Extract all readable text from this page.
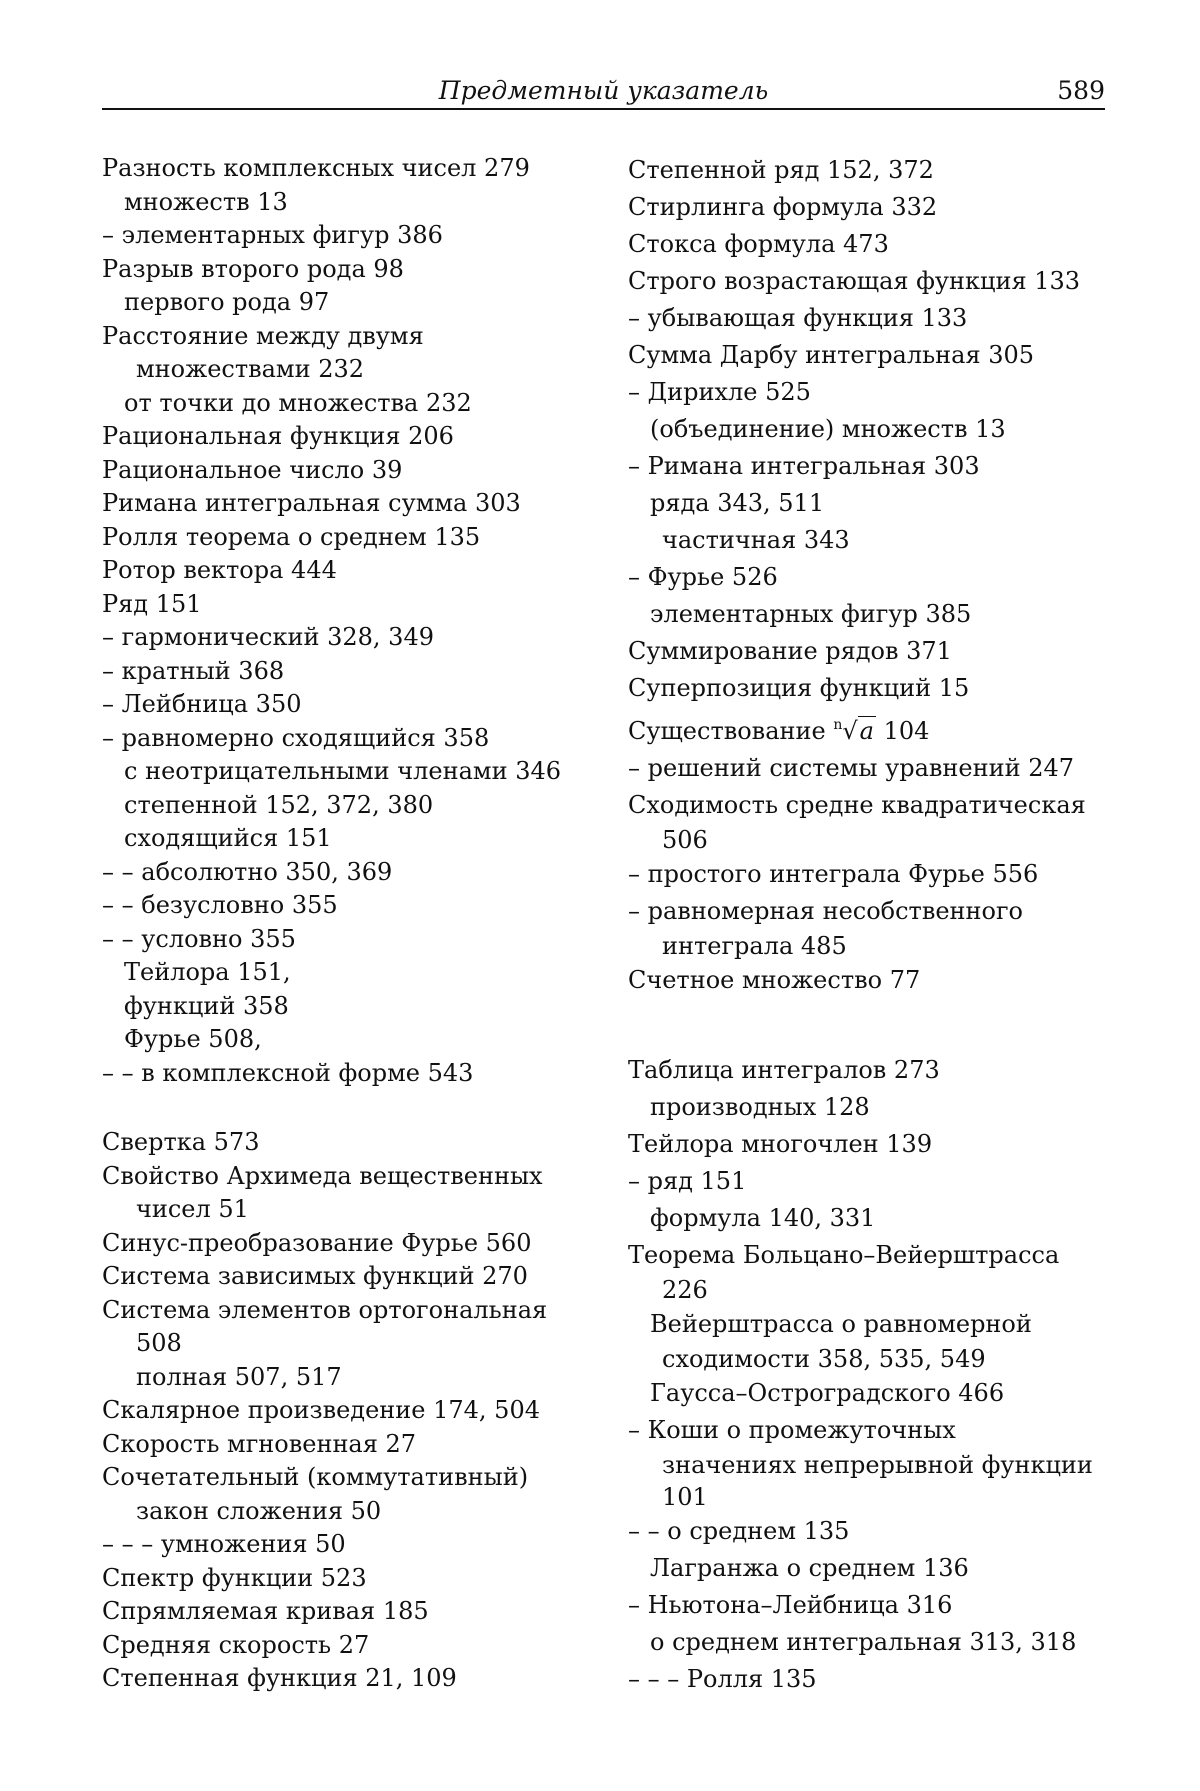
Предметный указатель	589
Разность комплексных чисел 279
множеств 13
– элементарных фигур 386
Разрыв второго рода 98
первого рода 97
Расстояние между двумя
множествами 232
от точки до множества 232
Рациональная функция 206
Рациональное число 39
Римана интегральная сумма 303
Ролля теорема о среднем 135
Ротор вектора 444
Ряд 151
– гармонический 328, 349
– кратный 368
– Лейбница 350
– равномерно сходящийся 358
с неотрицательными членами 346
степенной 152, 372, 380
сходящийся 151
– – абсолютно 350, 369
– – безусловно 355
– – условно 355
Тейлора 151,
функций 358
Фурье 508,
– – в комплексной форме 543
Свертка 573
Свойство Архимеда вещественных
чисел 51
Синус-преобразование Фурье 560
Система зависимых функций 270
Система элементов ортогональная
508
полная 507, 517
Скалярное произведение 174, 504
Скорость мгновенная 27
Сочетательный (коммутативный)
закон сложения 50
– – – умножения 50
Спектр функции 523
Спрямляемая кривая 185
Средняя скорость 27
Степенная функция 21, 109
Степенной ряд 152, 372
Стирлинга формула 332
Стокса формула 473
Строго возрастающая функция 133
– убывающая функция 133
Сумма Дарбу интегральная 305
– Дирихле 525
(объединение) множеств 13
– Римана интегральная 303
ряда 343, 511
частичная 343
– Фурье 526
элементарных фигур 385
Суммирование рядов 371
Суперпозиция функций 15
Существование $^n$√a 104
– решений системы уравнений 247
Сходимость средне квадратическая
506
– простого интеграла Фурье 556
– равномерная несобственного
интеграла 485
Счетное множество 77
Таблица интегралов 273
производных 128
Тейлора многочлен 139
– ряд 151
формула 140, 331
Теорема Больцано–Вейерштрасса
226
Вейерштрасса о равномерной
сходимости 358, 535, 549
Гаусса–Остроградского 466
– Коши о промежуточных
значениях непрерывной функции
101
– – о среднем 135
Лагранжа о среднем 136
– Ньютона–Лейбница 316
о среднем интегральная 313, 318
– – – Ролля 135
